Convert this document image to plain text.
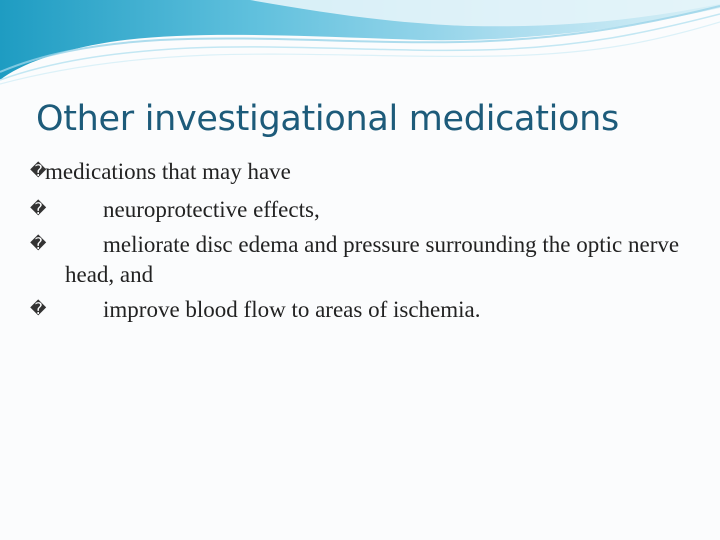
Other investigational medications
�
medications that may have
� neuroprotective effects,
� meliorate disc edema and pressure surrounding the optic nerve head, and
� improve blood flow to areas of ischemia.
